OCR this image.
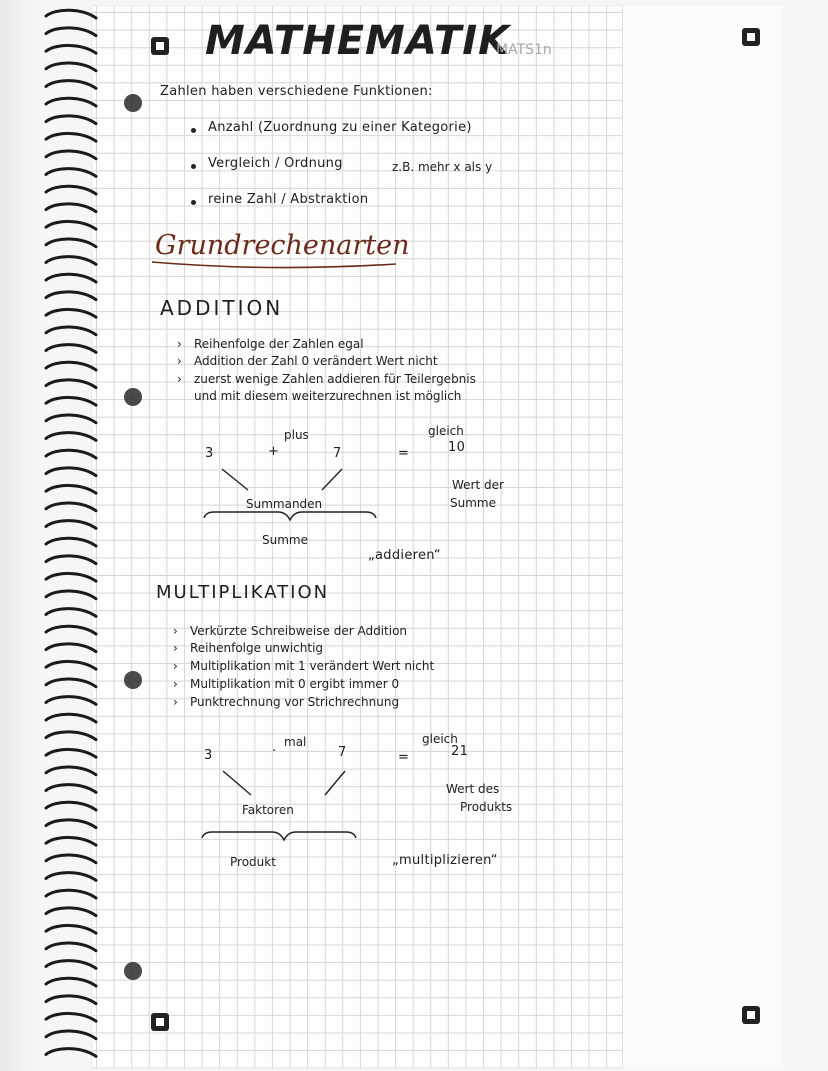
MATHEMATIK
MATS1n
Zahlen haben verschiedene Funktionen:
Anzahl (Zuordnung zu einer Kategorie)
Vergleich / Ordnung	z.B. mehr x als y
reine Zahl / Abstraktion
Grundrechenarten
ADDITION
› Reihenfolge der Zahlen egal
› Addition der Zahl 0 verändert Wert nicht
› zuerst wenige Zahlen addieren für Teilergebnis
und mit diesem weiterzurechnen ist möglich
plus	gleich
3	+	7	=	10
Summanden
Wert der
Summe
Summe
„addieren“
MULTIPLIKATION
› Verkürzte Schreibweise der Addition
› Reihenfolge unwichtig
› Multiplikation mit 1 verändert Wert nicht
› Multiplikation mit 0 ergibt immer 0
› Punktrechnung vor Strichrechnung
mal	gleich
3	·	7	=	21
Faktoren
Wert des
Produkts
Produkt	„multiplizieren“
